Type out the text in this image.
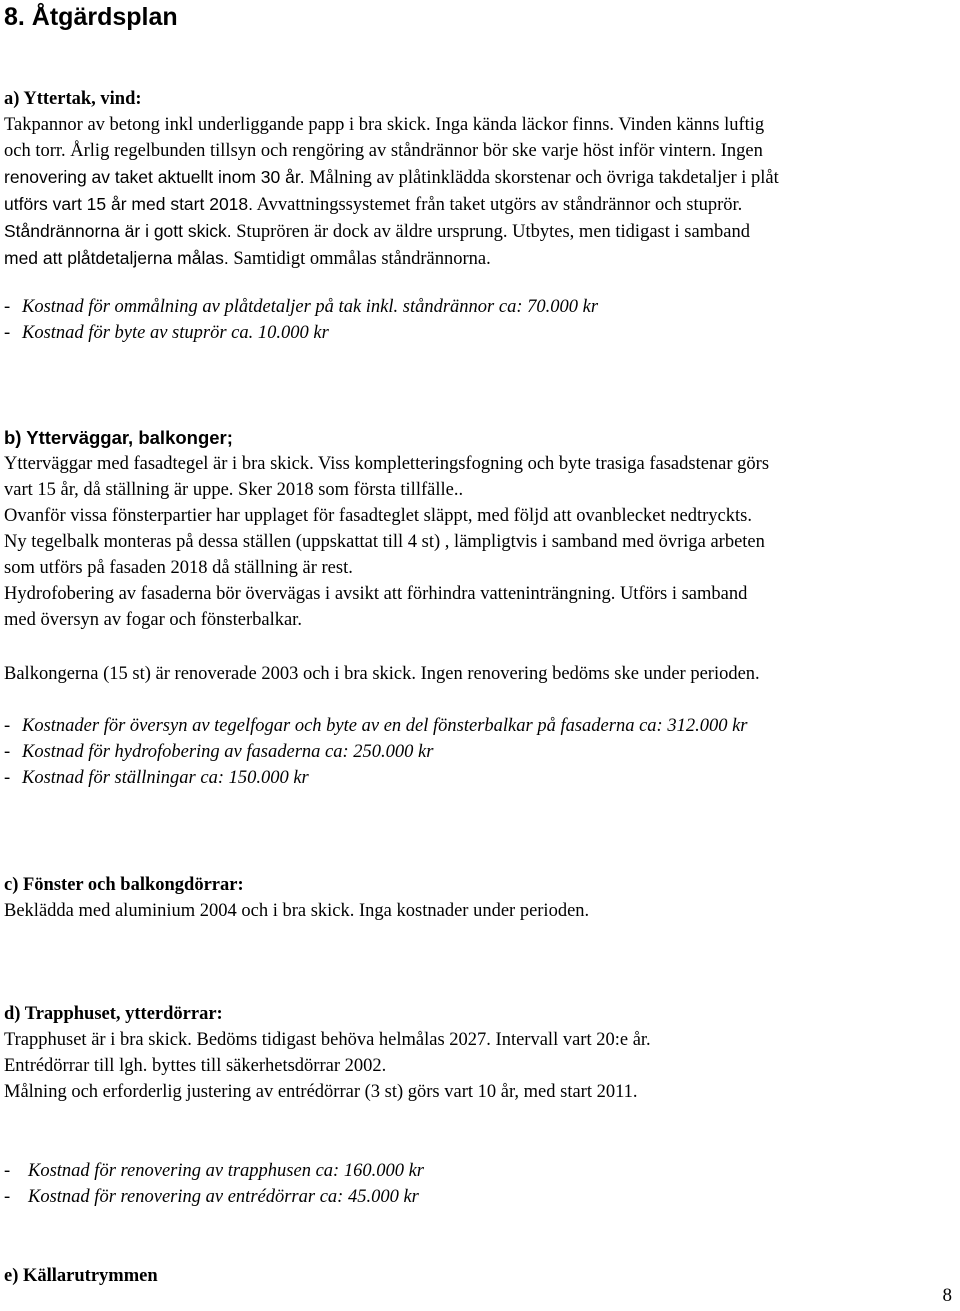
8. Åtgärdsplan
a) Yttertak, vind:
Takpannor av betong inkl underliggande papp i bra skick. Inga kända läckor finns. Vinden känns luftig
och torr. Årlig regelbunden tillsyn och rengöring av ståndrännor bör ske varje höst inför vintern. Ingen
renovering av taket aktuellt inom 30 år. Målning av plåtinklädda skorstenar och övriga takdetaljer i plåt
utförs vart 15 år med start 2018. Avvattningssystemet från taket utgörs av ståndrännor och stuprör.
Ståndrännorna är i gott skick. Stuprören är dock av äldre ursprung. Utbytes, men tidigast i samband
med att plåtdetaljerna målas. Samtidigt ommålas ståndrännorna.
- Kostnad för ommålning av plåtdetaljer på tak inkl. ståndrännor ca: 70.000 kr
- Kostnad för byte av stuprör ca. 10.000 kr
b) Ytterväggar, balkonger;
Ytterväggar med fasadtegel är i bra skick. Viss kompletteringsfogning och byte trasiga fasadstenar görs
vart 15 år, då ställning är uppe. Sker 2018 som första tillfälle..
Ovanför vissa fönsterpartier har upplaget för fasadteglet släppt, med följd att ovanblecket nedtryckts.
Ny tegelbalk monteras på dessa ställen (uppskattat till 4 st) , lämpligtvis i samband med övriga arbeten
som utförs på fasaden 2018 då ställning är rest.
Hydrofobering av fasaderna bör övervägas i avsikt att förhindra vatteninträngning. Utförs i samband
med översyn av fogar och fönsterbalkar.
Balkongerna (15 st) är renoverade 2003 och i bra skick. Ingen renovering bedöms ske under perioden.
- Kostnader för översyn av tegelfogar och byte av en del fönsterbalkar på fasaderna ca: 312.000 kr
- Kostnad för hydrofobering av fasaderna ca: 250.000 kr
- Kostnad för ställningar ca: 150.000 kr
c) Fönster och balkongdörrar:
Beklädda med aluminium 2004 och i bra skick. Inga kostnader under perioden.
d) Trapphuset, ytterdörrar:
Trapphuset är i bra skick. Bedöms tidigast behöva helmålas 2027. Intervall vart 20:e år.
Entrédörrar till lgh. byttes till säkerhetsdörrar 2002.
Målning och erforderlig justering av entrédörrar (3 st) görs vart 10 år, med start 2011.
- Kostnad för renovering av trapphusen ca: 160.000 kr
- Kostnad för renovering av entrédörrar ca: 45.000 kr
e) Källarutrymmen
8
